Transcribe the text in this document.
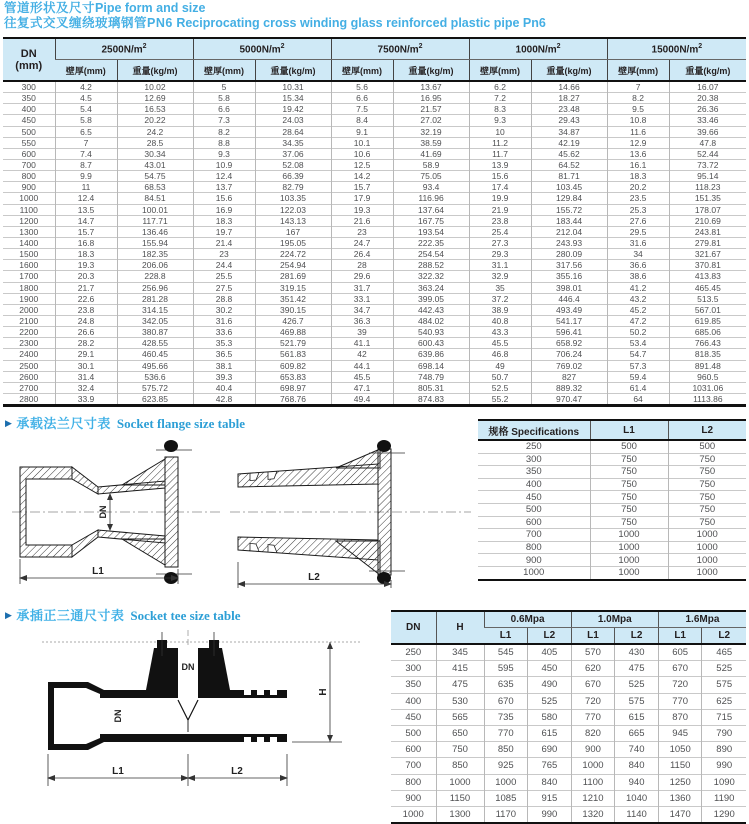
管道形状及尺寸Pipe form and size
往复式交叉缠绕玻璃钢管PN6 Reciprocating cross winding glass reinforced plastic pipe Pn6
DN
(mm)	$2500N/m^2$		$5000N/m^2$		$7500N/m^2$		$1000N/m^2$		$15000N/m^2$
	壁厚(mm)	重量(kg/m)	壁厚(mm)	重量(kg/m)	壁厚(mm)	重量(kg/m)	壁厚(mm)	重量(kg/m)	壁厚(mm)	重量(kg/m)
300	4.2	10.02	5	10.31	5.6	13.67	6.2	14.66	7	16.07
350	4.5	12.69	5.8	15.34	6.6	16.95	7.2	18.27	8.2	20.38
400	5.4	16.53	6.6	19.42	7.5	21.57	8.3	23.48	9.5	26.36
450	5.8	20.22	7.3	24.03	8.4	27.02	9.3	29.43	10.8	33.46
500	6.5	24.2	8.2	28.64	9.1	32.19	10	34.87	11.6	39.66
550	7	28.5	8.8	34.35	10.1	38.59	11.2	42.19	12.9	47.8
600	7.4	30.34	9.3	37.06	10.6	41.69	11.7	45.62	13.6	52.44
700	8.7	43.01	10.9	52.08	12.5	58.9	13.9	64.52	16.1	73.72
800	9.9	54.75	12.4	66.39	14.2	75.05	15.6	81.71	18.3	95.14
900	11	68.53	13.7	82.79	15.7	93.4	17.4	103.45	20.2	118.23
1000	12.4	84.51	15.6	103.35	17.9	116.96	19.9	129.84	23.5	151.35
1100	13.5	100.01	16.9	122.03	19.3	137.64	21.9	155.72	25.3	178.07
1200	14.7	117.71	18.3	143.13	21.6	167.75	23.8	183.44	27.6	210.69
1300	15.7	136.46	19.7	167	23	193.54	25.4	212.04	29.5	243.81
1400	16.8	155.94	21.4	195.05	24.7	222.35	27.3	243.93	31.6	279.81
1500	18.3	182.35	23	224.72	26.4	254.54	29.3	280.09	34	321.67
1600	19.3	206.06	24.4	254.94	28	288.52	31.1	317.56	36.6	370.81
1700	20.3	228.8	25.5	281.69	29.6	322.32	32.9	355.16	38.6	413.83
1800	21.7	256.96	27.5	319.15	31.7	363.24	35	398.01	41.2	465.45
1900	22.6	281.28	28.8	351.42	33.1	399.05	37.2	446.4	43.2	513.5
2000	23.8	314.15	30.2	390.15	34.7	442.43	38.9	493.49	45.2	567.01
2100	24.8	342.05	31.6	426.7	36.3	484.02	40.8	541.17	47.2	619.85
2200	26.6	380.87	33.6	469.88	39	540.93	43.3	596.41	50.2	685.06
2300	28.2	428.55	35.3	521.79	41.1	600.43	45.5	658.92	53.4	766.43
2400	29.1	460.45	36.5	561.83	42	639.86	46.8	706.24	54.7	818.35
2500	30.1	495.66	38.1	609.82	44.1	698.14	49	769.02	57.3	891.48
2600	31.4	536.6	39.3	653.83	45.5	748.79	50.7	827	59.4	960.5
2700	32.4	575.72	40.4	698.97	47.1	805.31	52.5	889.32	61.4	1031.06
2800	33.9	623.85	42.8	768.76	49.4	874.83	55.2	970.47	64	1113.86
▶ 承载法兰尺寸表 Socket flange size table
DN
L1
L2
规格 Specifications	L1	L2
250	500	500
300	750	750
350	750	750
400	750	750
450	750	750
500	750	750
600	750	750
700	1000	1000
800	1000	1000
900	1000	1000
1000	1000	1000
▶ 承插正三通尺寸表 Socket tee size table
DN
DN
H
L1	L2
DN	H	0.6Mpa		1.0Mpa		1.6Mpa	
		L1	L2	L1	L2	L1	L2
250	345	545	405	570	430	605	465
300	415	595	450	620	475	670	525
350	475	635	490	670	525	720	575
400	530	670	525	720	575	770	625
450	565	735	580	770	615	870	715
500	650	770	615	820	665	945	790
600	750	850	690	900	740	1050	890
700	850	925	765	1000	840	1150	990
800	1000	1000	840	1100	940	1250	1090
900	1150	1085	915	1210	1040	1360	1190
1000	1300	1170	990	1320	1140	1470	1290
